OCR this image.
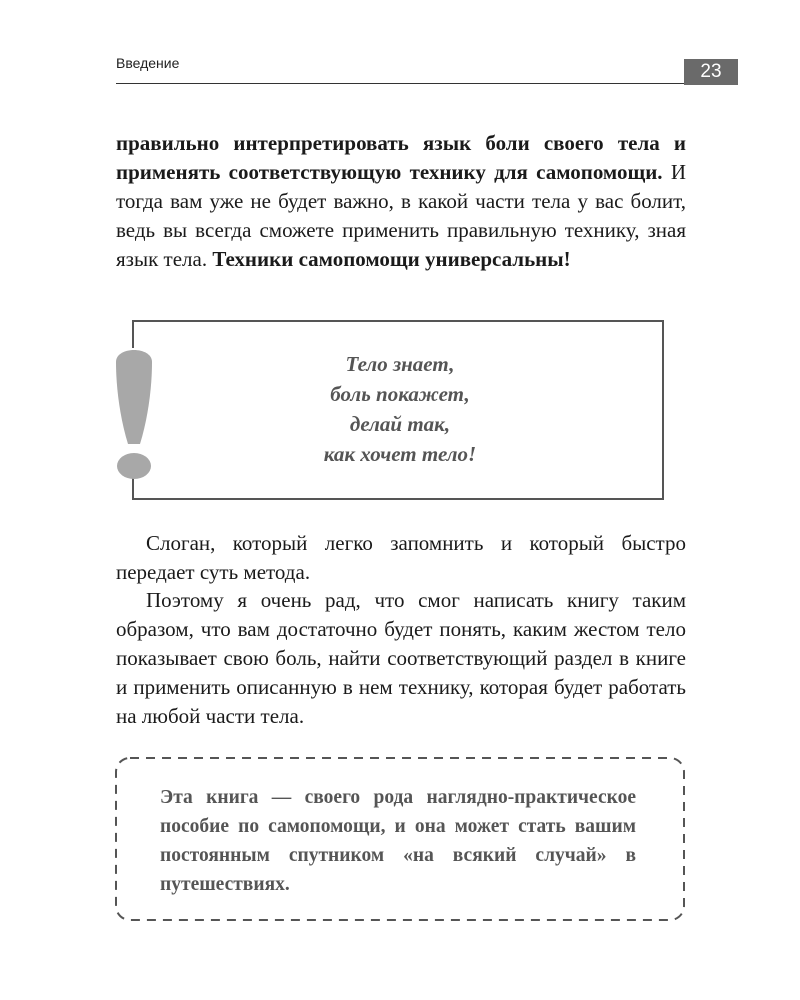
Введение	23

правильно интерпретировать язык боли своего тела и применять соответствующую технику для самопомощи. И тогда вам уже не будет важно, в какой части тела у вас болит, ведь вы всегда сможете применить правильную технику, зная язык тела. Техники самопомощи универсальны!

Тело знает,
боль покажет,
делай так,
как хочет тело!

Слоган, который легко запомнить и который быстро передает суть метода.

Поэтому я очень рад, что смог написать книгу таким образом, что вам достаточно будет понять, каким жестом тело показывает свою боль, найти соответствующий раздел в книге и применить описанную в нем технику, которая будет работать на любой части тела.

Эта книга — своего рода наглядно-практическое пособие по самопомощи, и она может стать вашим постоянным спутником «на всякий случай» в путешествиях.
